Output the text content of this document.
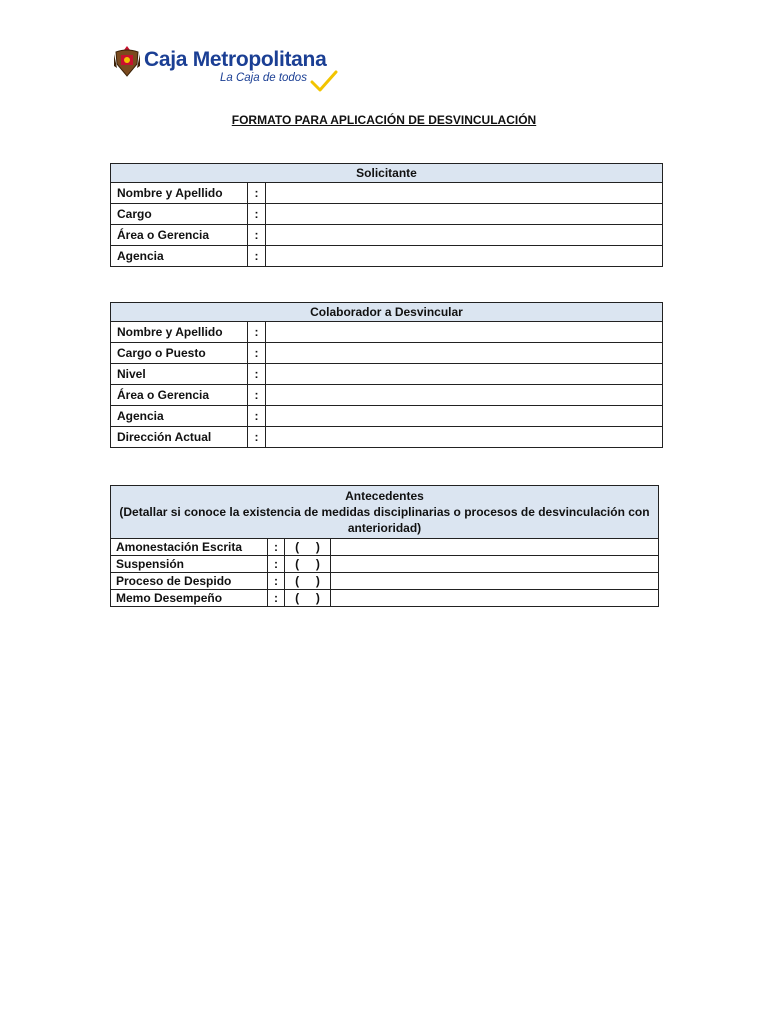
Caja Metropolitana
La Caja de todos
FORMATO PARA APLICACIÓN DE DESVINCULACIÓN
Solicitante		
Nombre y Apellido	:	
Cargo	:	
Área o Gerencia	:	
Agencia	:	
Colaborador a Desvincular		
Nombre y Apellido	:	
Cargo o Puesto	:	
Nivel	:	
Área o Gerencia	:	
Agencia	:	
Dirección Actual	:	
Antecedentes
(Detallar si conoce la existencia de medidas disciplinarias o procesos de desvinculación con anterioridad)			

Amonestación Escrita	:	(     )	
Suspensión	:	(     )	
Proceso de Despido	:	(     )	
Memo Desempeño	:	(     )	
